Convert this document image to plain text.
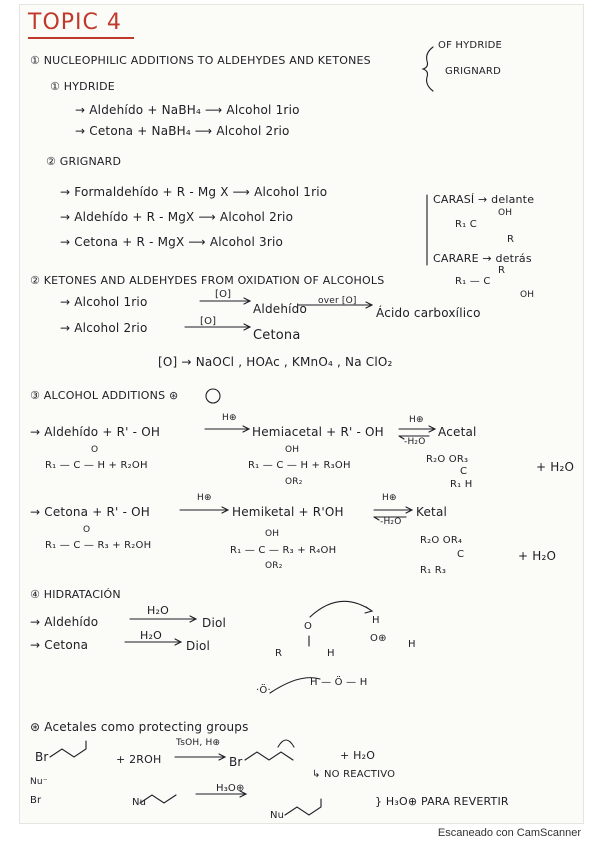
TOPIC 4
① NUCLEOPHILIC ADDITIONS TO ALDEHYDES AND KETONES
OF HYDRIDE
GRIGNARD
① HYDRIDE
→ Aldehído + NaBH₄ ⟶ Alcohol 1rio
→ Cetona + NaBH₄ ⟶ Alcohol 2rio
② GRIGNARD
→ Formaldehído + R - Mg X ⟶ Alcohol 1rio
→ Aldehído + R - MgX ⟶ Alcohol 2rio
→ Cetona + R - MgX ⟶ Alcohol 3rio
CARASÍ → delante
OH
R₁ C
R
CARARE → detrás
R
R₁ — C
OH
② KETONES AND ALDEHYDES FROM OXIDATION OF ALCOHOLS
→ Alcohol 1rio
[O]
Aldehído
over [O]
Ácido carboxílico
→ Alcohol 2rio	[O]
Cetona
[O] → NaOCl , HOAc , KMnO₄ , Na ClO₂
③ ALCOHOL ADDITIONS ⊛
→ Aldehído + R' - OH
H⊕
Hemiacetal + R' - OH
H⊕
-H₂O
Acetal
O
R₁ — C — H + R₂OH
OH
R₁ — C — H + R₃OH
OR₂
R₂O OR₃
C
R₁ H
+ H₂O
→ Cetona + R' - OH
H⊕
Hemiketal + R'OH
H⊕
-H₂O
Ketal
O
R₁ — C — R₃ + R₂OH
OH
R₁ — C — R₃ + R₄OH
OR₂
R₂O OR₄
C
R₁ R₃
+ H₂O
④ HIDRATACIÓN
→ Aldehído
H₂O
Diol
→ Cetona
H₂O
Diol
O
R	H
O⊕
H
H
H — Ö — H
·Ö·
⊛ Acetales como protecting groups
Br	+ 2ROH
TsOH, H⊕
Br	+ H₂O
↳ NO REACTIVO
Nu⁻
Br	Nu
H₃O⊕
Nu
} H₃O⊕ PARA REVERTIR
Escaneado con CamScanner
